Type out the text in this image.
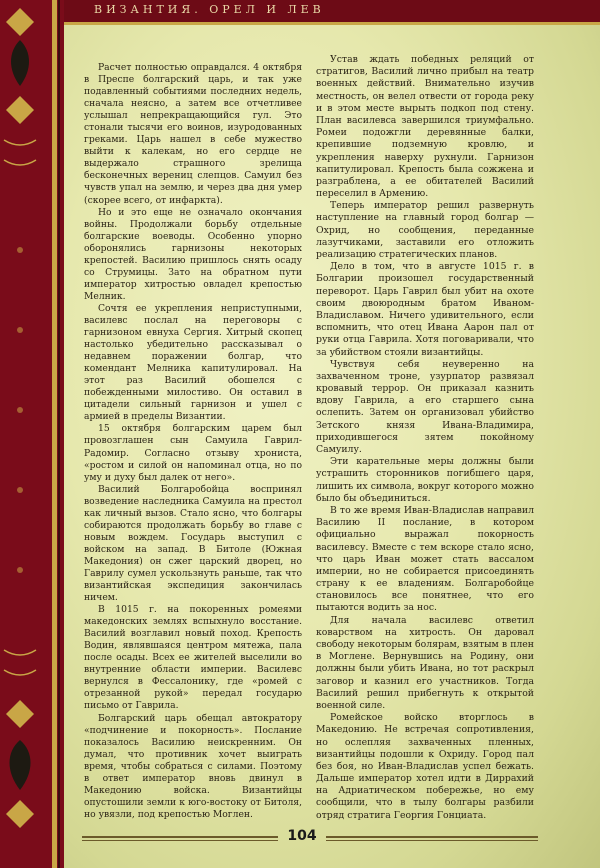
ВИЗАНТИЯ. ОРЕЛ И ЛЕВ

Расчет полностью оправдался. 4 октября в Преспе болгарский царь, и так уже подавленный событиями последних недель, сначала неясно, а затем все отчетливее услышал непрекращающийся гул. Это стонали тысячи его воинов, изуродованных греками. Царь нашел в себе мужество выйти к калекам, но его сердце не выдержало страшного зрелища бесконечных верениц слепцов. Самуил без чувств упал на землю, и через два дня умер (скорее всего, от инфаркта).

Но и это еще не означало окончания войны. Продолжали борьбу отдельные болгарские воеводы. Особенно упорно оборонялись гарнизоны некоторых крепостей. Василию пришлось снять осаду со Струмицы. Зато на обратном пути император хитростью овладел крепостью Мелник.

Сочтя ее укрепления неприступными, василевс послал на переговоры с гарнизоном евнуха Сергия. Хитрый скопец настолько убедительно рассказывал о недавнем поражении болгар, что комендант Мелника капитулировал. На этот раз Василий обошелся с побежденными милостиво. Он оставил в цитадели сильный гарнизон и ушел с армией в пределы Византии.

15 октября болгарским царем был провозглашен сын Самуила Гаврил-Радомир. Согласно отзыву хрониста, «ростом и силой он напоминал отца, но по уму и духу был далек от него».

Василий Болгаробойца воспринял возведение наследника Самуила на престол как личный вызов. Стало ясно, что болгары собираются продолжать борьбу во главе с новым вождем. Государь выступил с войском на запад. В Битоле (Южная Македония) он сжег царский дворец, но Гаврилу сумел ускользнуть раньше, так что византийская экспедиция закончилась ничем.

В 1015 г. на покоренных ромеями македонских землях вспыхнуло восстание. Василий возглавил новый поход. Крепость Водин, являвшаяся центром мятежа, пала после осады. Всех ее жителей выселили во внутренние области империи. Василевс вернулся в Фессалонику, где «ромей с отрезанной рукой» передал государю письмо от Гаврила.

Болгарский царь обещал автократору «подчинение и покорность». Послание показалось Василию неискренним. Он думал, что противник хочет выиграть время, чтобы собраться с силами. Поэтому в ответ император вновь двинул в Македонию войска. Византийцы опустошили земли к юго-востоку от Битоля, но увязли, под крепостью Моглен.

Устав ждать победных реляций от стратигов, Василий лично прибыл на театр военных действий. Внимательно изучив местность, он велел отвести от города реку и в этом месте вырыть подкоп под стену. План василевса завершился триумфально. Ромеи подожгли деревянные балки, крепившие подземную кровлю, и укрепления наверху рухнули. Гарнизон капитулировал. Крепость была сожжена и разграблена, а ее обитателей Василий переселил в Армению.

Теперь император решил развернуть наступление на главный город болгар — Охрид, но сообщения, переданные лазутчиками, заставили его отложить реализацию стратегических планов.

Дело в том, что в августе 1015 г. в Болгарии произошел государственный переворот. Царь Гаврил был убит на охоте своим двоюродным братом Иваном-Владиславом. Ничего удивительного, если вспомнить, что отец Ивана Аарон пал от руки отца Гаврила. Хотя поговаривали, что за убийством стояли византийцы.

Чувствуя себя неуверенно на захваченном троне, узурпатор развязал кровавый террор. Он приказал казнить вдову Гаврила, а его старшего сына ослепить. Затем он организовал убийство Зетского князя Ивана-Владимира, приходившегося зятем покойному Самуилу.

Эти карательные меры должны были устрашить сторонников погибшего царя, лишить их символа, вокруг которого можно было бы объединиться.

В то же время Иван-Владислав направил Василию II послание, в котором официально выражал покорность василевсу. Вместе с тем вскоре стало ясно, что царь Иван может стать вассалом империи, но не собирается присоединять страну к ее владениям. Болгаробойце становилось все понятнее, что его пытаются водить за нос.

Для начала василевс ответил коварством на хитрость. Он даровал свободу некоторым болярам, взятым в плен в Моглене. Вернувшись на Родину, они должны были убить Ивана, но тот раскрыл заговор и казнил его участников. Тогда Василий решил прибегнуть к открытой военной силе.

Ромейское войско вторглось в Македонию. Не встречая сопротивления, но ослепляя захваченных пленных, византийцы подошли к Охриду. Город пал без боя, но Иван-Владислав успел бежать. Дальше император хотел идти в Диррахий на Адриатическом побережье, но ему сообщили, что в тылу болгары разбили отряд стратига Георгия Гонциата.

104
